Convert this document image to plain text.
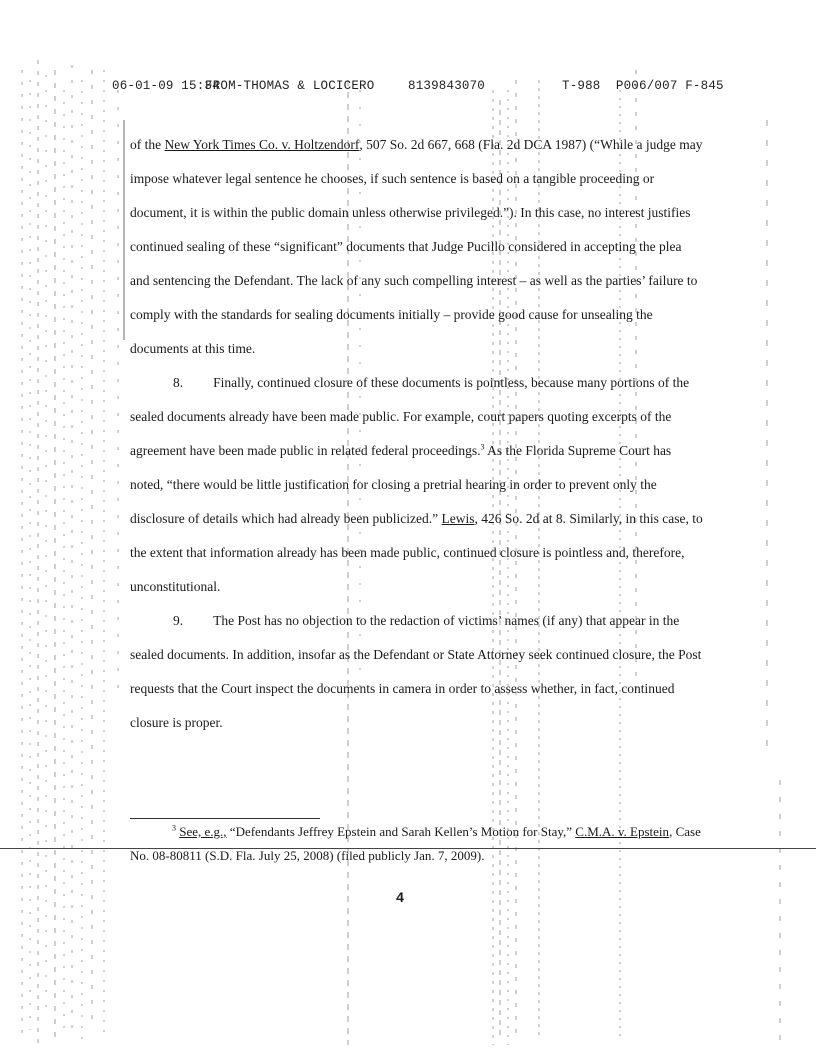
06-01-09 15:34

FROM-THOMAS & LOCICERO

	8139843070

	T-988  P006/007 F-845

of the New York Times Co. v. Holtzendorf, 507 So. 2d 667, 668 (Fla. 2d DCA 1987) (“While a judge may impose whatever legal sentence he chooses, if such sentence is based on a tangible proceeding or document, it is within the public domain unless otherwise privileged.”). In this case, no interest justifies continued sealing of these “significant” documents that Judge Pucillo considered in accepting the plea and sentencing the Defendant. The lack of any such compelling interest – as well as the parties’ failure to comply with the standards for sealing documents initially – provide good cause for unsealing the documents at this time.

8. Finally, continued closure of these documents is pointless, because many portions of the sealed documents already have been made public. For example, court papers quoting excerpts of the agreement have been made public in related federal proceedings.$^3$ As the Florida Supreme Court has noted, “there would be little justification for closing a pretrial hearing in order to prevent only the disclosure of details which had already been publicized.” Lewis, 426 So. 2d at 8. Similarly, in this case, to the extent that information already has been made public, continued closure is pointless and, therefore, unconstitutional.

9. The Post has no objection to the redaction of victims’ names (if any) that appear in the sealed documents. In addition, insofar as the Defendant or State Attorney seek continued closure, the Post requests that the Court inspect the documents in camera in order to assess whether, in fact, continued closure is proper.

$^3$ See, e.g., “Defendants Jeffrey Epstein and Sarah Kellen’s Motion for Stay,” C.M.A. v. Epstein, Case No. 08-80811 (S.D. Fla. July 25, 2008) (filed publicly Jan. 7, 2009).
4
